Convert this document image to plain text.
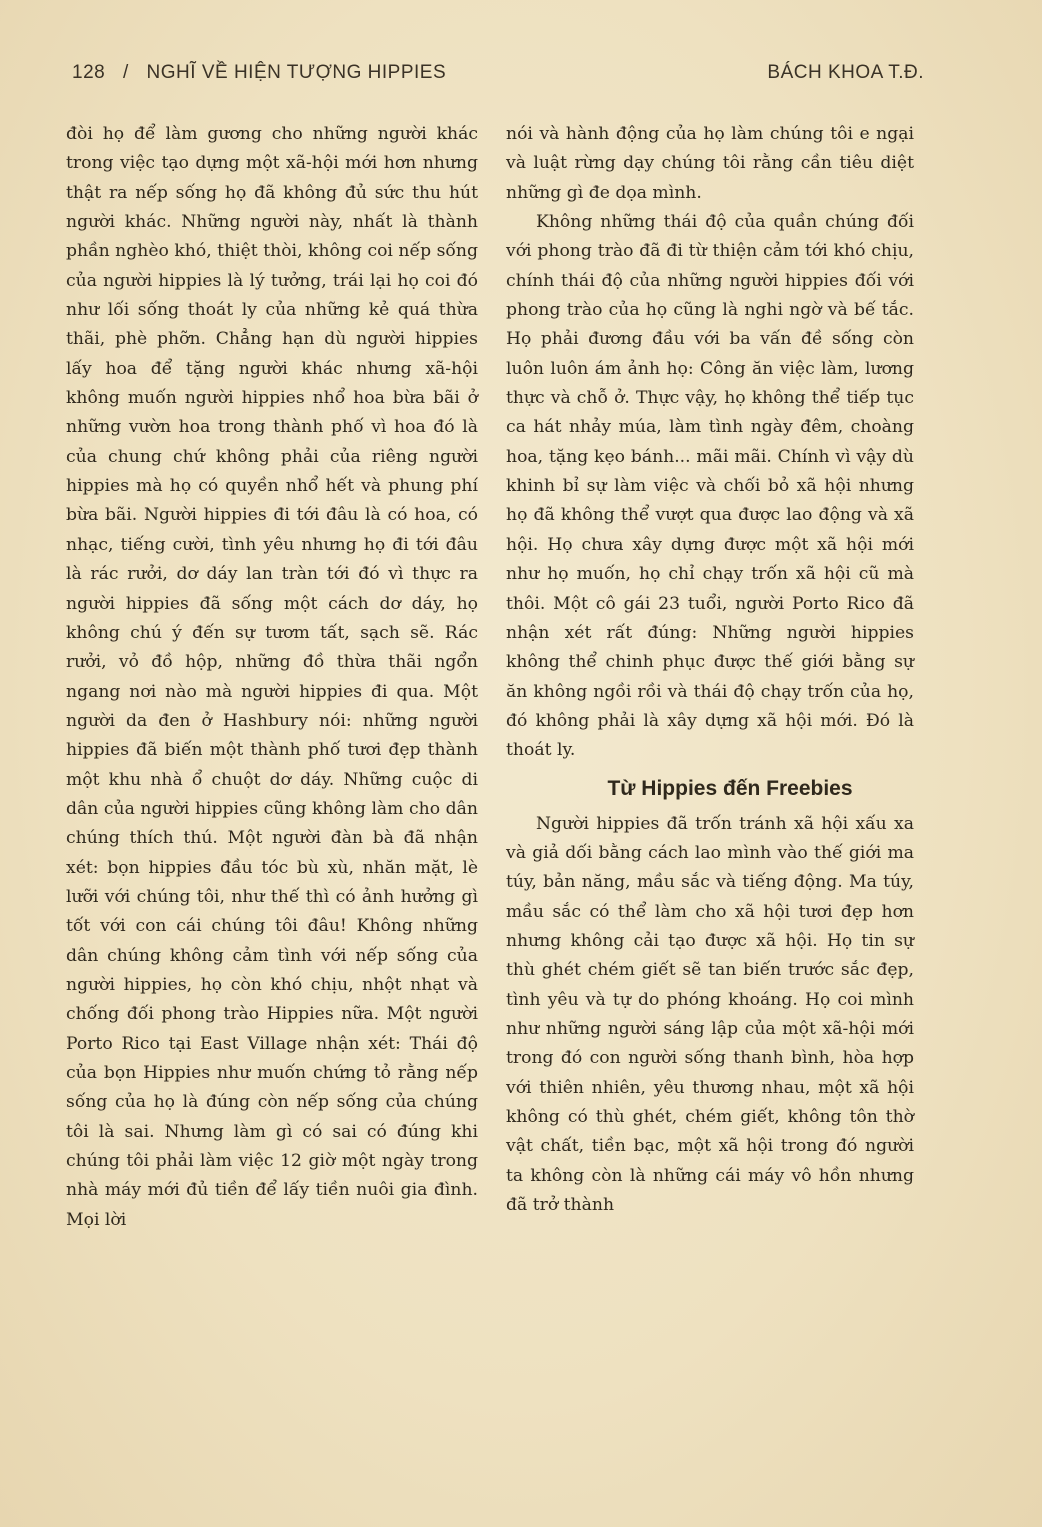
128 / NGHĨ VỀ HIỆN TƯỢNG HIPPIES	BÁCH KHOA T.Đ.

đòi họ để làm gương cho những người khác trong việc tạo dựng một xã-hội mới hơn nhưng thật ra nếp sống họ đã không đủ sức thu hút người khác. Những người này, nhất là thành phần nghèo khó, thiệt thòi, không coi nếp sống của người hippies là lý tưởng, trái lại họ coi đó như lối sống thoát ly của những kẻ quá thừa thãi, phè phỡn. Chẳng hạn dù người hippies lấy hoa để tặng người khác nhưng xã-hội không muốn người hippies nhổ hoa bừa bãi ở những vườn hoa trong thành phố vì hoa đó là của chung chứ không phải của riêng người hippies mà họ có quyền nhổ hết và phung phí bừa bãi. Người hippies đi tới đâu là có hoa, có nhạc, tiếng cười, tình yêu nhưng họ đi tới đâu là rác rưởi, dơ dáy lan tràn tới đó vì thực ra người hippies đã sống một cách dơ dáy, họ không chú ý đến sự tươm tất, sạch sẽ. Rác rưởi, vỏ đồ hộp, những đồ thừa thãi ngổn ngang nơi nào mà người hippies đi qua. Một người da đen ở Hashbury nói: những người hippies đã biến một thành phố tươi đẹp thành một khu nhà ổ chuột dơ dáy. Những cuộc di dân của người hippies cũng không làm cho dân chúng thích thú. Một người đàn bà đã nhận xét: bọn hippies đầu tóc bù xù, nhăn mặt, lè lưỡi với chúng tôi, như thế thì có ảnh hưởng gì tốt với con cái chúng tôi đâu! Không những dân chúng không cảm tình với nếp sống của người hippies, họ còn khó chịu, nhột nhạt và chống đối phong trào Hippies nữa. Một người Porto Rico tại East Village nhận xét: Thái độ của bọn Hippies như muốn chứng tỏ rằng nếp sống của họ là đúng còn nếp sống của chúng tôi là sai. Nhưng làm gì có sai có đúng khi chúng tôi phải làm việc 12 giờ một ngày trong nhà máy mới đủ tiền để lấy tiền nuôi gia đình. Mọi lời

nói và hành động của họ làm chúng tôi e ngại và luật rừng dạy chúng tôi rằng cần tiêu diệt những gì đe dọa mình.

Không những thái độ của quần chúng đối với phong trào đã đi từ thiện cảm tới khó chịu, chính thái độ của những người hippies đối với phong trào của họ cũng là nghi ngờ và bế tắc. Họ phải đương đầu với ba vấn đề sống còn luôn luôn ám ảnh họ: Công ăn việc làm, lương thực và chỗ ở. Thực vậy, họ không thể tiếp tục ca hát nhảy múa, làm tình ngày đêm, choàng hoa, tặng kẹo bánh... mãi mãi. Chính vì vậy dù khinh bỉ sự làm việc và chối bỏ xã hội nhưng họ đã không thể vượt qua được lao động và xã hội. Họ chưa xây dựng được một xã hội mới như họ muốn, họ chỉ chạy trốn xã hội cũ mà thôi. Một cô gái 23 tuổi, người Porto Rico đã nhận xét rất đúng: Những người hippies không thể chinh phục được thế giới bằng sự ăn không ngồi rồi và thái độ chạy trốn của họ, đó không phải là xây dựng xã hội mới. Đó là thoát ly.

Từ Hippies đến Freebies

Người hippies đã trốn tránh xã hội xấu xa và giả dối bằng cách lao mình vào thế giới ma túy, bản năng, mầu sắc và tiếng động. Ma túy, mầu sắc có thể làm cho xã hội tươi đẹp hơn nhưng không cải tạo được xã hội. Họ tin sự thù ghét chém giết sẽ tan biến trước sắc đẹp, tình yêu và tự do phóng khoáng. Họ coi mình như những người sáng lập của một xã-hội mới trong đó con người sống thanh bình, hòa hợp với thiên nhiên, yêu thương nhau, một xã hội không có thù ghét, chém giết, không tôn thờ vật chất, tiền bạc, một xã hội trong đó người ta không còn là những cái máy vô hồn nhưng đã trở thành
